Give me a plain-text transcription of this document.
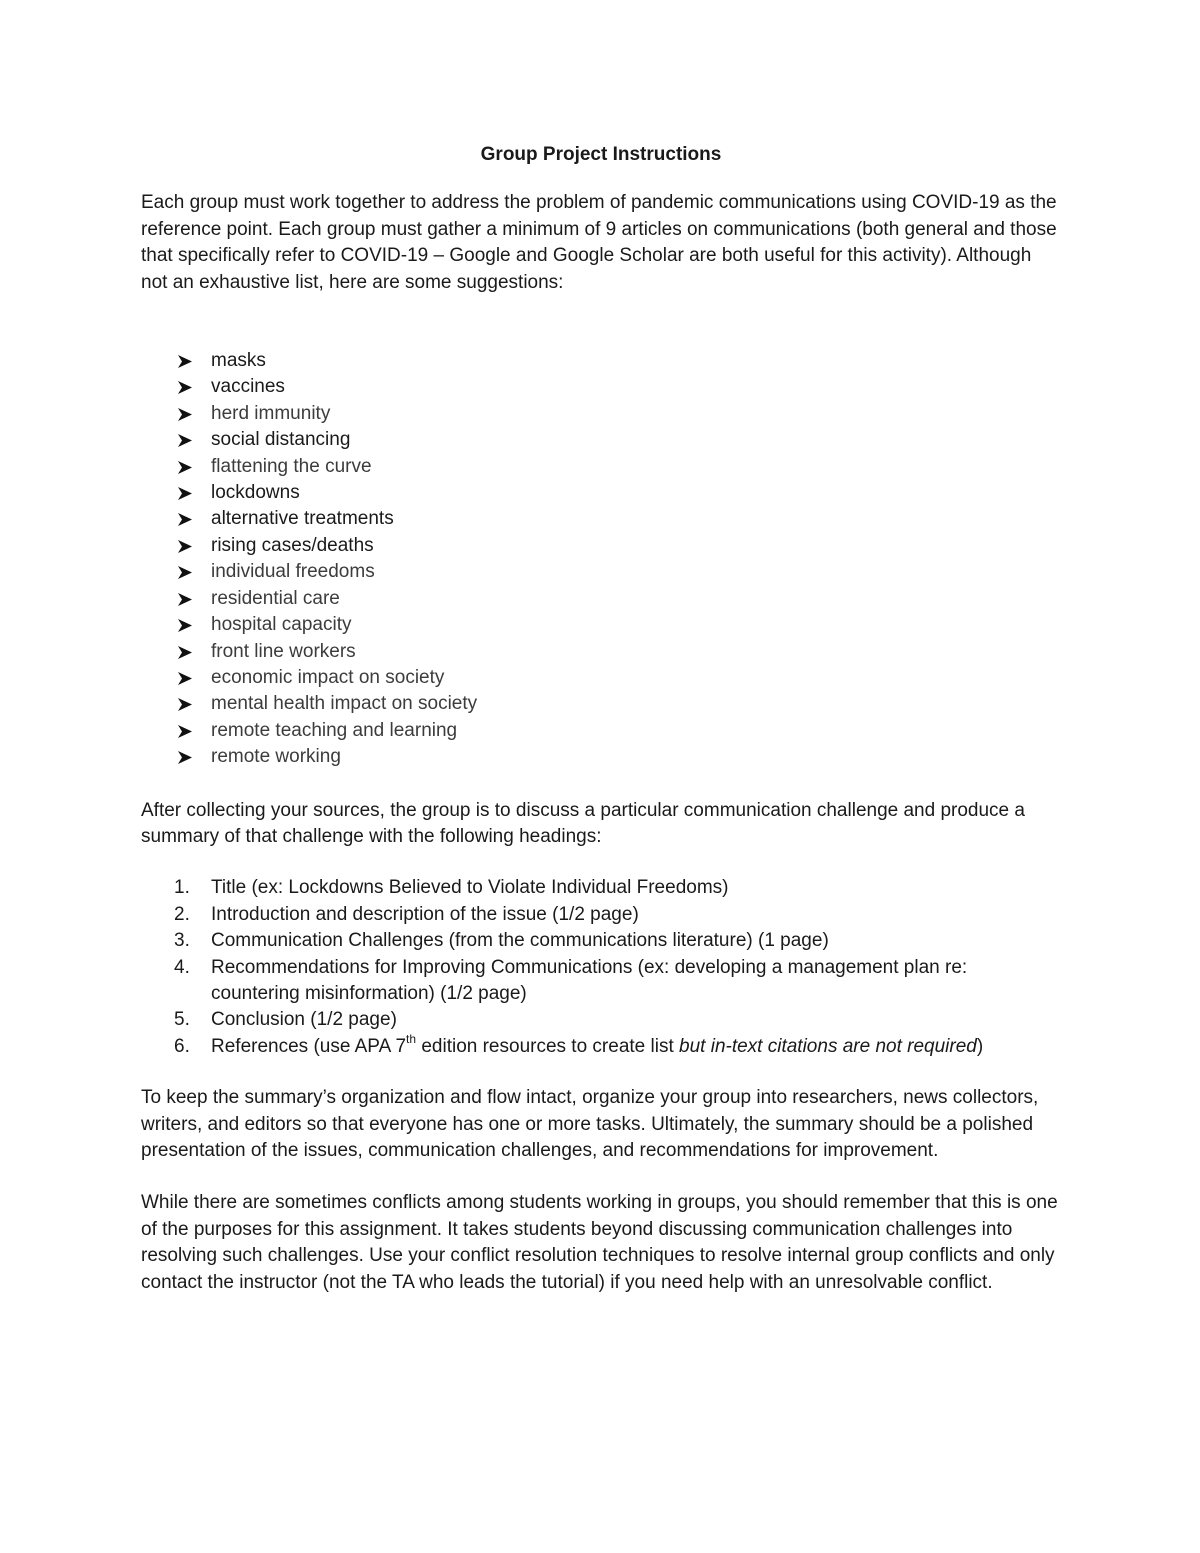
Group Project Instructions

Each group must work together to address the problem of pandemic communications using COVID-19 as the reference point. Each group must gather a minimum of 9 articles on communications (both general and those that specifically refer to COVID-19 – Google and Google Scholar are both useful for this activity). Although not an exhaustive list, here are some suggestions:

masks
vaccines
herd immunity
social distancing
flattening the curve
lockdowns
alternative treatments
rising cases/deaths
individual freedoms
residential care
hospital capacity
front line workers
economic impact on society
mental health impact on society
remote teaching and learning
remote working

After collecting your sources, the group is to discuss a particular communication challenge and produce a summary of that challenge with the following headings:

1. Title (ex: Lockdowns Believed to Violate Individual Freedoms)
2. Introduction and description of the issue (1/2 page)
3. Communication Challenges (from the communications literature) (1 page)
4. Recommendations for Improving Communications (ex: developing a management plan re: countering misinformation) (1/2 page)
5. Conclusion (1/2 page)
6. References (use APA 7th edition resources to create list but in-text citations are not required)

To keep the summary’s organization and flow intact, organize your group into researchers, news collectors, writers, and editors so that everyone has one or more tasks. Ultimately, the summary should be a polished presentation of the issues, communication challenges, and recommendations for improvement.

While there are sometimes conflicts among students working in groups, you should remember that this is one of the purposes for this assignment. It takes students beyond discussing communication challenges into resolving such challenges. Use your conflict resolution techniques to resolve internal group conflicts and only contact the instructor (not the TA who leads the tutorial) if you need help with an unresolvable conflict.
